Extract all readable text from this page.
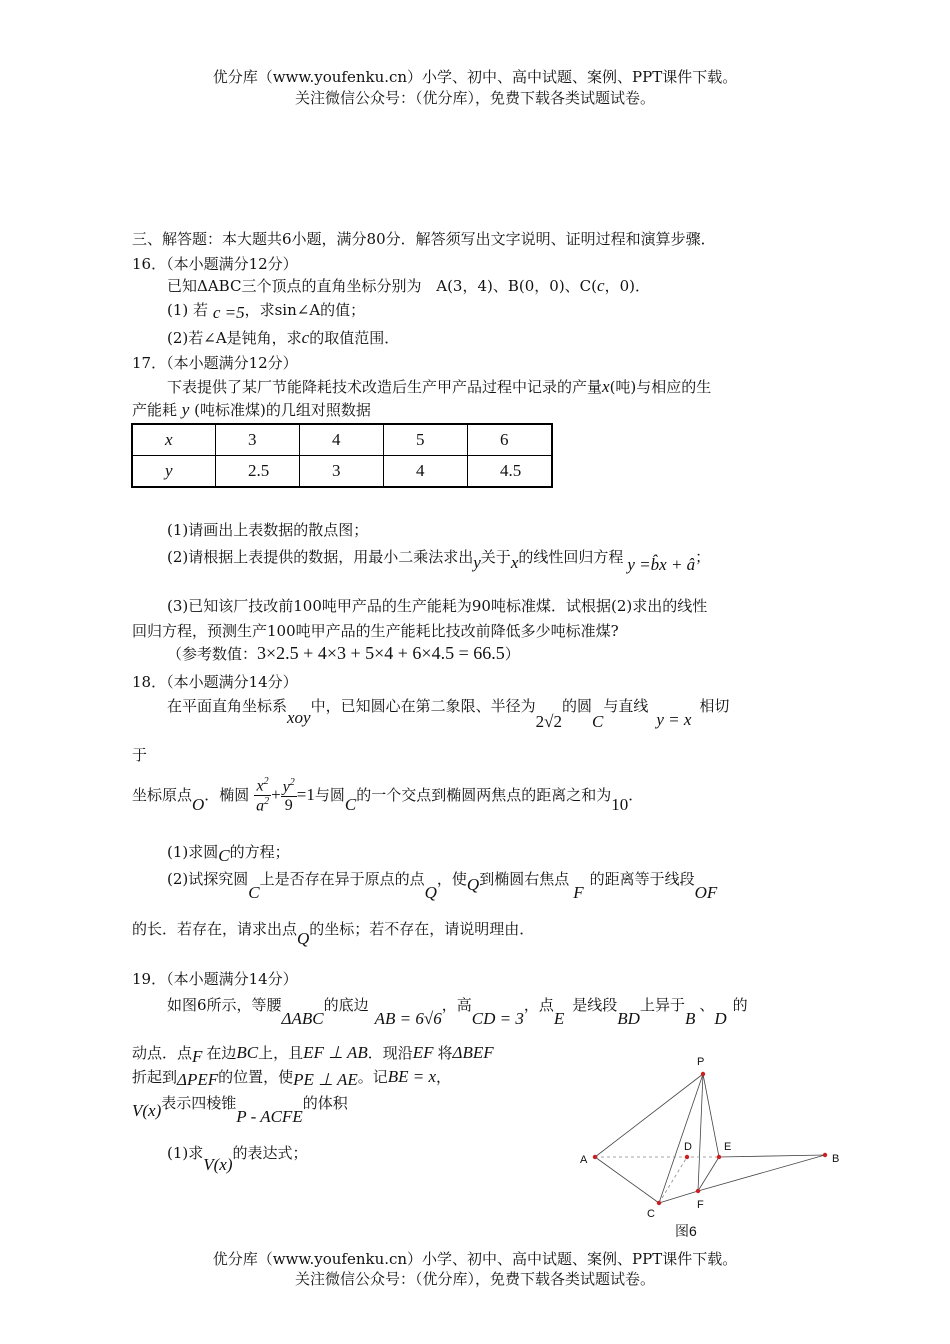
优分库（www.youfenku.cn）小学、初中、高中试题、案例、PPT课件下载。
关注微信公众号：（优分库），免费下载各类试题试卷。
三、解答题：本大题共6小题，满分80分．解答须写出文字说明、证明过程和演算步骤．
16．（本小题满分12分）
已知ΔABC三个顶点的直角坐标分别为 A(3，4)、B(0，0)、C(c，0)．
(1) 若 c =5，求sin∠A的值；
(2)若∠A是钝角，求c的取值范围．
17．（本小题满分12分）
下表提供了某厂节能降耗技术改造后生产甲产品过程中记录的产量x(吨)与相应的生
产能耗 y (吨标准煤)的几组对照数据
x	3	4	5	6
y	2.5	3	4	4.5
(1)请画出上表数据的散点图；
(2)请根据上表提供的数据，用最小二乘法求出y关于x的线性回归方程 y =b̂x + â；
(3)已知该厂技改前100吨甲产品的生产能耗为90吨标准煤．试根据(2)求出的线性
回归方程，预测生产100吨甲产品的生产能耗比技改前降低多少吨标准煤?
（参考数值：3×2.5 + 4×3 + 5×4 + 6×4.5 = 66.5）
18．（本小题满分14分）
在平面直角坐标系xoy中，已知圆心在第二象限、半径为2√2的圆C与直线y = x相切
于
坐标原点O．椭圆 $\frac{x^2}{a^2} + \frac{y^2}{9} =1$与圆C的一个交点到椭圆两焦点的距离之和为10．
(1)求圆C的方程；
(2)试探究圆C上是否存在异于原点的点Q，使Q到椭圆右焦点F的距离等于线段OF
的长．若存在，请求出点Q的坐标；若不存在，请说明理由．
19．（本小题满分14分）
如图6所示，等腰ΔABC的底边AB = 6√6，高CD = 3，点E是线段BD上异于B、D的
动点．点F 在边BC上，且EF ⊥ AB．现沿EF 将ΔBEF
折起到ΔPEF的位置，使PE ⊥ AE。记BE = x，
V(x)表示四棱锥P - ACFE的体积
(1)求V(x)的表达式；
P
A
D	E
B
F
C
图6
优分库（www.youfenku.cn）小学、初中、高中试题、案例、PPT课件下载。
关注微信公众号：（优分库），免费下载各类试题试卷。
